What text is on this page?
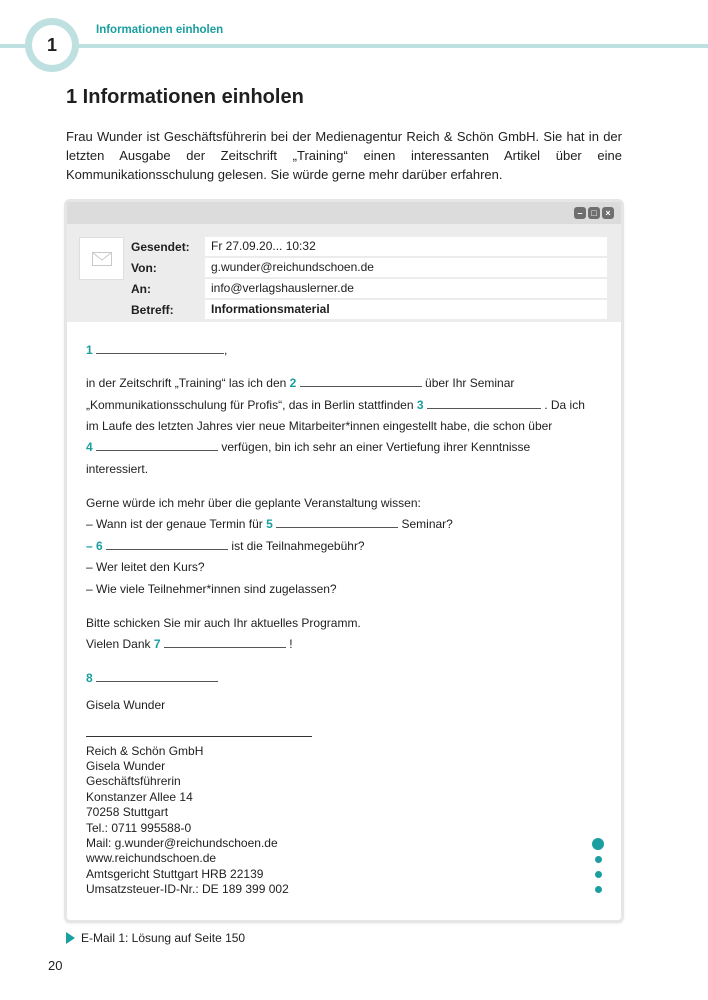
1
Informationen einholen
1 Informationen einholen

Frau Wunder ist Geschäftsführerin bei der Medienagentur Reich & Schön GmbH. Sie hat in der letzten Ausgabe der Zeitschrift „Training“ einen interessanten Artikel über eine Kommunikationsschulung gelesen. Sie würde gerne mehr darüber erfahren.

– □ ×
Gesendet:	Fr 27.09.20... 10:32
Von:	g.wunder@reichundschoen.de
An:	info@verlagshauslerner.de
Betreff:	Informationsmaterial
1	,
in der Zeitschrift „Training“ las ich den 2	über Ihr Seminar
„Kommunikationsschulung für Profis“, das in Berlin stattfinden 3	. Da ich
im Laufe des letzten Jahres vier neue Mitarbeiter*innen eingestellt habe, die schon über
4	verfügen, bin ich sehr an einer Vertiefung ihrer Kenntnisse
interessiert.
Gerne würde ich mehr über die geplante Veranstaltung wissen:
– Wann ist der genaue Termin für 5	Seminar?
– 6	ist die Teilnahmegebühr?
– Wer leitet den Kurs?
– Wie viele Teilnehmer*innen sind zugelassen?
Bitte schicken Sie mir auch Ihr aktuelles Programm.
Vielen Dank 7	!
8
Gisela Wunder
Reich & Schön GmbH
Gisela Wunder
Geschäftsführerin
Konstanzer Allee 14
70258 Stuttgart
Tel.: 0711 995588-0
Mail: g.wunder@reichundschoen.de
www.reichundschoen.de
Amtsgericht Stuttgart HRB 22139
Umsatzsteuer-ID-Nr.: DE 189 399 002
E-Mail 1: Lösung auf Seite 150
20
